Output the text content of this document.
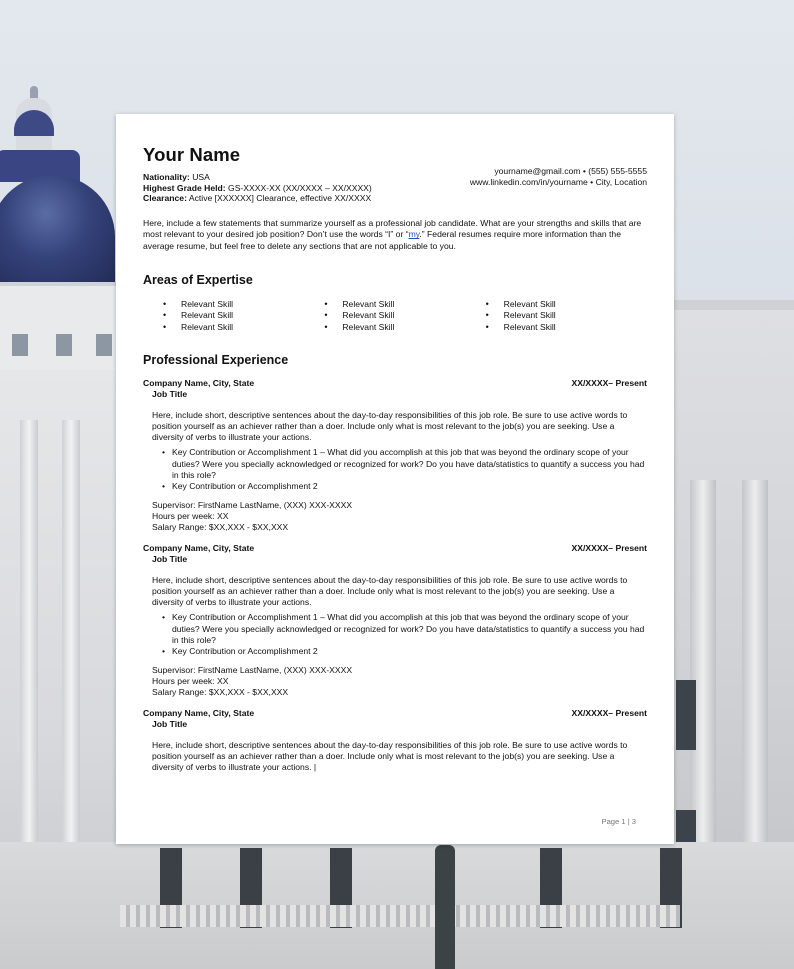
Your Name
Nationality: USA
Highest Grade Held: GS-XXXX-XX (XX/XXXX – XX/XXXX)
Clearance: Active [XXXXXX] Clearance, effective XX/XXXX
yourname@gmail.com • (555) 555-5555
www.linkedin.com/in/yourname • City, Location

Here, include a few statements that summarize yourself as a professional job candidate. What are your strengths and skills that are most relevant to your desired job position? Don’t use the words “I” or “my.” Federal resumes require more information than the average resume, but feel free to delete any sections that are not applicable to you.

Areas of Expertise
• Relevant Skill
• Relevant Skill
• Relevant Skill
• Relevant Skill
• Relevant Skill
• Relevant Skill
• Relevant Skill
• Relevant Skill
• Relevant Skill
Professional Experience
Company Name, City, State	XX/XXXX– Present
Job Title

Here, include short, descriptive sentences about the day-to-day responsibilities of this job role. Be sure to use active words to position yourself as an achiever rather than a doer. Include only what is most relevant to the job(s) you are seeking. Use a diversity of verbs to illustrate your actions.

• Key Contribution or Accomplishment 1 – What did you accomplish at this job that was beyond the ordinary scope of your duties? Were you specially acknowledged or recognized for work? Do you have data/statistics to quantify a success you had in this role?
• Key Contribution or Accomplishment 2
Supervisor: FirstName LastName, (XXX) XXX-XXXX
Hours per week: XX
Salary Range: $XX,XXX - $XX,XXX
Company Name, City, State	XX/XXXX– Present
Job Title

Here, include short, descriptive sentences about the day-to-day responsibilities of this job role. Be sure to use active words to position yourself as an achiever rather than a doer. Include only what is most relevant to the job(s) you are seeking. Use a diversity of verbs to illustrate your actions.

• Key Contribution or Accomplishment 1 – What did you accomplish at this job that was beyond the ordinary scope of your duties? Were you specially acknowledged or recognized for work? Do you have data/statistics to quantify a success you had in this role?
• Key Contribution or Accomplishment 2
Supervisor: FirstName LastName, (XXX) XXX-XXXX
Hours per week: XX
Salary Range: $XX,XXX - $XX,XXX
Company Name, City, State	XX/XXXX– Present
Job Title

Here, include short, descriptive sentences about the day-to-day responsibilities of this job role. Be sure to use active words to position yourself as an achiever rather than a doer. Include only what is most relevant to the job(s) you are seeking. Use a diversity of verbs to illustrate your actions. |

Page 1 | 3
